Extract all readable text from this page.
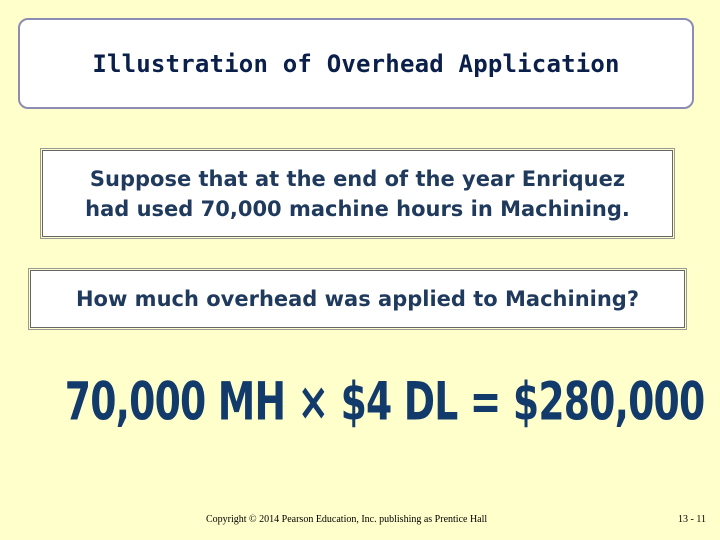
Illustration of Overhead Application
Suppose that at the end of the year Enriquez
had used 70,000 machine hours in Machining.
How much overhead was applied to Machining?
70,000 MH × $4 DL = $280,000
Copyright © 2014 Pearson Education, Inc. publishing as Prentice Hall	13 - 11
